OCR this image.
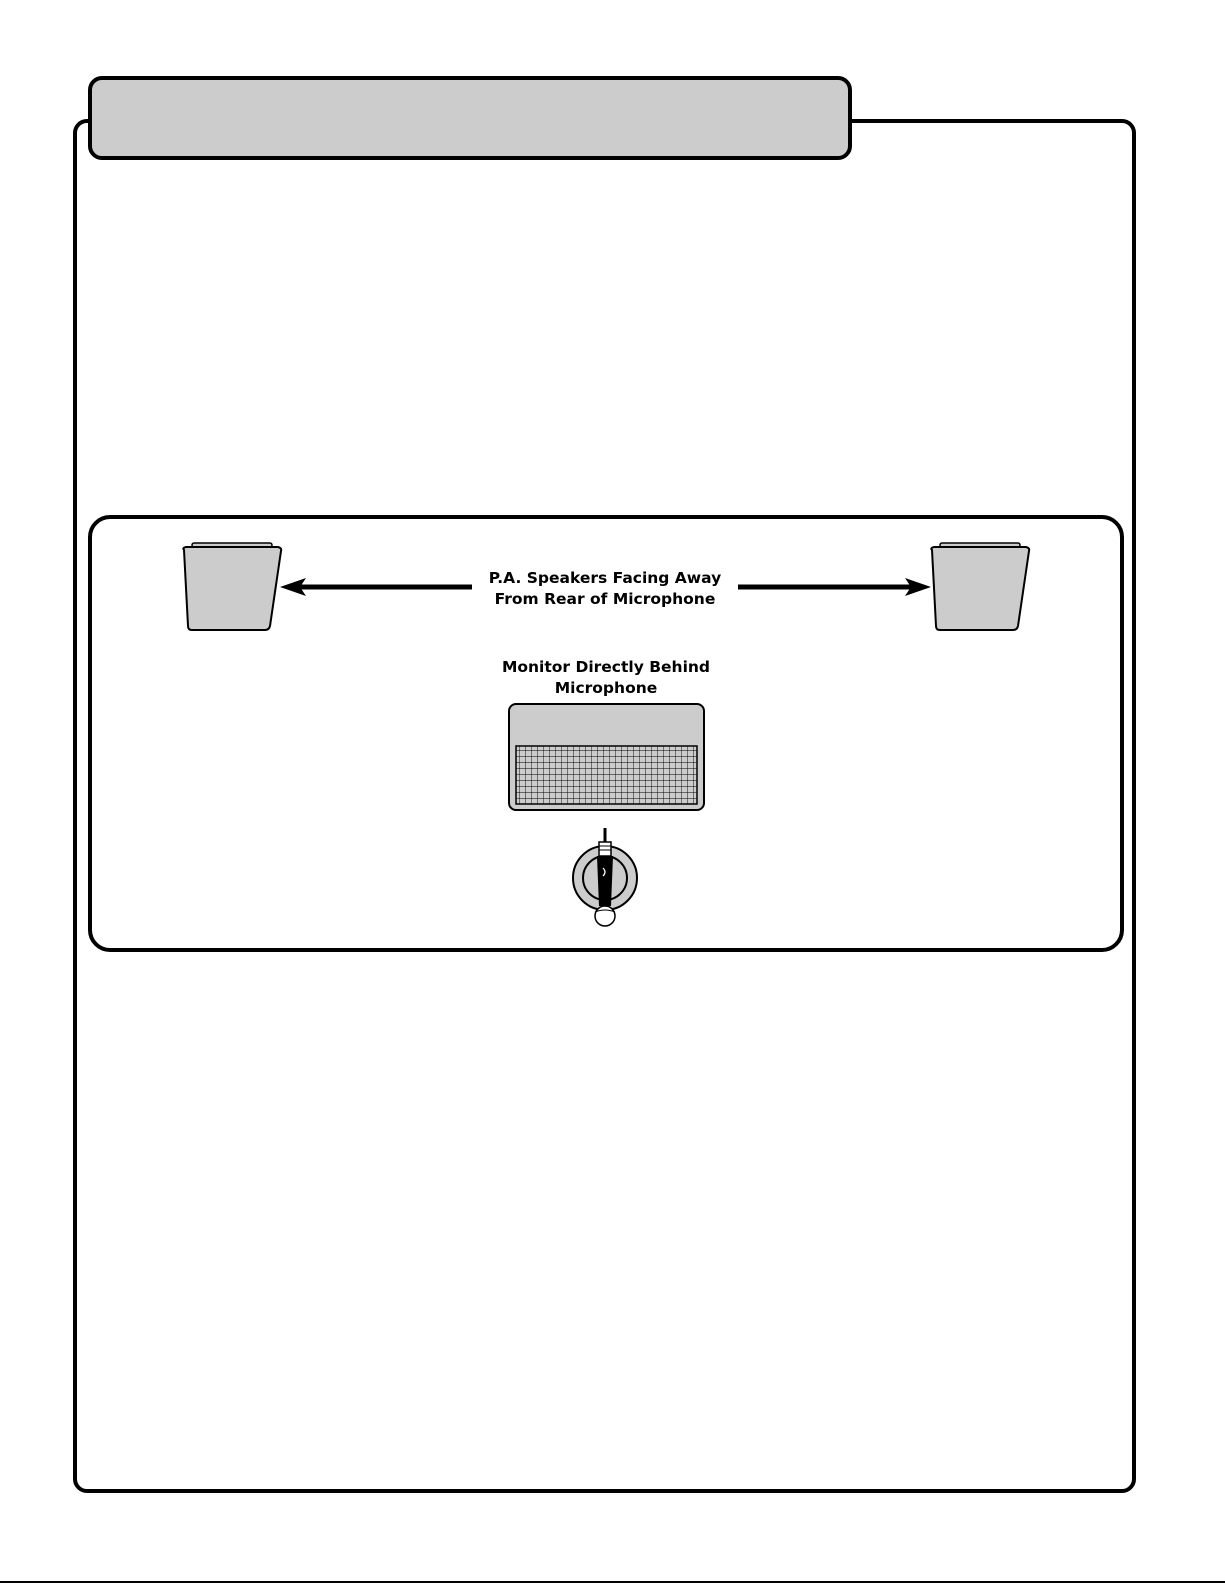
P.A. Speakers Facing Away
From Rear of Microphone
Monitor Directly Behind
Microphone
